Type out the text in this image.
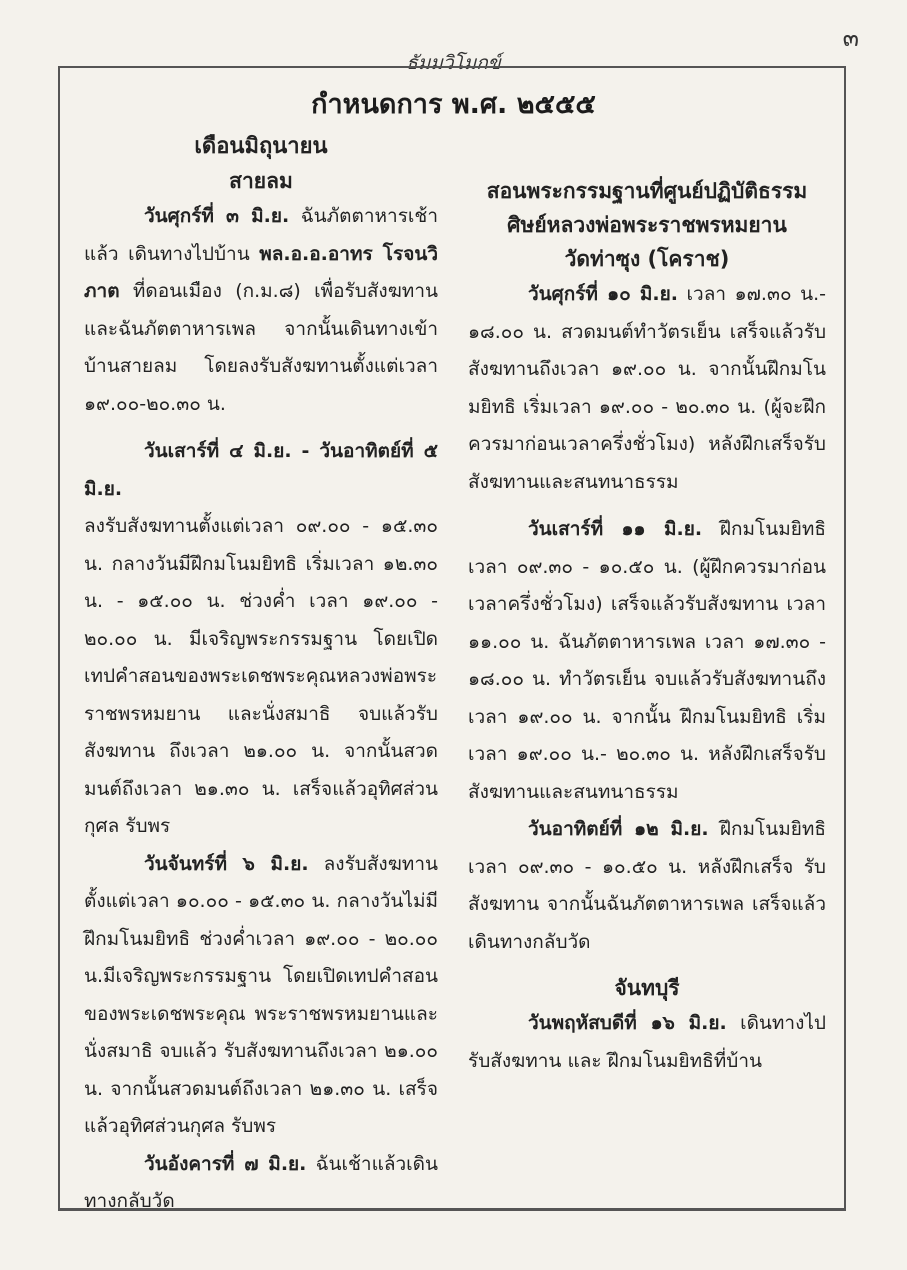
๓
ธัมมวิโมกข์
กำหนดการ พ.ศ. ๒๕๕๕
เดือนมิถุนายน
สายลม

วันศุกร์ที่ ๓ มิ.ย. ฉันภัตตาหารเช้าแล้ว เดินทางไปบ้าน พล.อ.อ.อาทร โรจนวิภาต ที่ดอนเมือง (ก.ม.๘) เพื่อรับสังฆทาน และฉันภัตตาหารเพล จากนั้นเดินทางเข้าบ้านสายลม โดยลงรับสังฆทานตั้งแต่เวลา ๑๙.๐๐-๒๐.๓๐ น.

วันเสาร์ที่ ๔ มิ.ย. - วันอาทิตย์ที่ ๕ มิ.ย.
ลงรับสังฆทานตั้งแต่เวลา ๐๙.๐๐ - ๑๕.๓๐ น. กลางวันมีฝึกมโนมยิทธิ เริ่มเวลา ๑๒.๓๐ น. - ๑๕.๐๐ น. ช่วงค่ำ เวลา ๑๙.๐๐ - ๒๐.๐๐ น. มีเจริญพระกรรมฐาน โดยเปิดเทปคำสอนของพระเดชพระคุณหลวงพ่อพระราชพรหมยาน และนั่งสมาธิ จบแล้วรับสังฆทาน ถึงเวลา ๒๑.๐๐ น. จากนั้นสวดมนต์ถึงเวลา ๒๑.๓๐ น. เสร็จแล้วอุทิศส่วนกุศล รับพร

วันจันทร์ที่ ๖ มิ.ย. ลงรับสังฆทานตั้งแต่เวลา ๑๐.๐๐ - ๑๕.๓๐ น. กลางวันไม่มีฝึกมโนมยิทธิ ช่วงค่ำเวลา ๑๙.๐๐ - ๒๐.๐๐ น.มีเจริญพระกรรมฐาน โดยเปิดเทปคำสอนของพระเดชพระคุณ พระราชพรหมยานและนั่งสมาธิ จบแล้ว รับสังฆทานถึงเวลา ๒๑.๐๐ น. จากนั้นสวดมนต์ถึงเวลา ๒๑.๓๐ น. เสร็จแล้วอุทิศส่วนกุศล รับพร

วันอังคารที่ ๗ มิ.ย. ฉันเช้าแล้วเดินทางกลับวัด

สอนพระกรรมฐานที่ศูนย์ปฏิบัติธรรม
ศิษย์หลวงพ่อพระราชพรหมยาน
วัดท่าซุง (โคราช)

วันศุกร์ที่ ๑๐ มิ.ย. เวลา ๑๗.๓๐ น.- ๑๘.๐๐ น. สวดมนต์ทำวัตรเย็น เสร็จแล้วรับสังฆทานถึงเวลา ๑๙.๐๐ น. จากนั้นฝึกมโนมยิทธิ เริ่มเวลา ๑๙.๐๐ - ๒๐.๓๐ น. (ผู้จะฝึกควรมาก่อนเวลาครึ่งชั่วโมง) หลังฝึกเสร็จรับสังฆทานและสนทนาธรรม

วันเสาร์ที่ ๑๑ มิ.ย. ฝึกมโนมยิทธิ เวลา ๐๙.๓๐ - ๑๐.๕๐ น. (ผู้ฝึกควรมาก่อนเวลาครึ่งชั่วโมง) เสร็จแล้วรับสังฆทาน เวลา ๑๑.๐๐ น. ฉันภัตตาหารเพล เวลา ๑๗.๓๐ - ๑๘.๐๐ น. ทำวัตรเย็น จบแล้วรับสังฆทานถึงเวลา ๑๙.๐๐ น. จากนั้น ฝึกมโนมยิทธิ เริ่มเวลา ๑๙.๐๐ น.- ๒๐.๓๐ น. หลังฝึกเสร็จรับสังฆทานและสนทนาธรรม

วันอาทิตย์ที่ ๑๒ มิ.ย. ฝึกมโนมยิทธิ เวลา ๐๙.๓๐ - ๑๐.๕๐ น. หลังฝึกเสร็จ รับสังฆทาน จากนั้นฉันภัตตาหารเพล เสร็จแล้วเดินทางกลับวัด

จันทบุรี

วันพฤหัสบดีที่ ๑๖ มิ.ย. เดินทางไปรับสังฆทาน และ ฝึกมโนมยิทธิที่บ้าน
